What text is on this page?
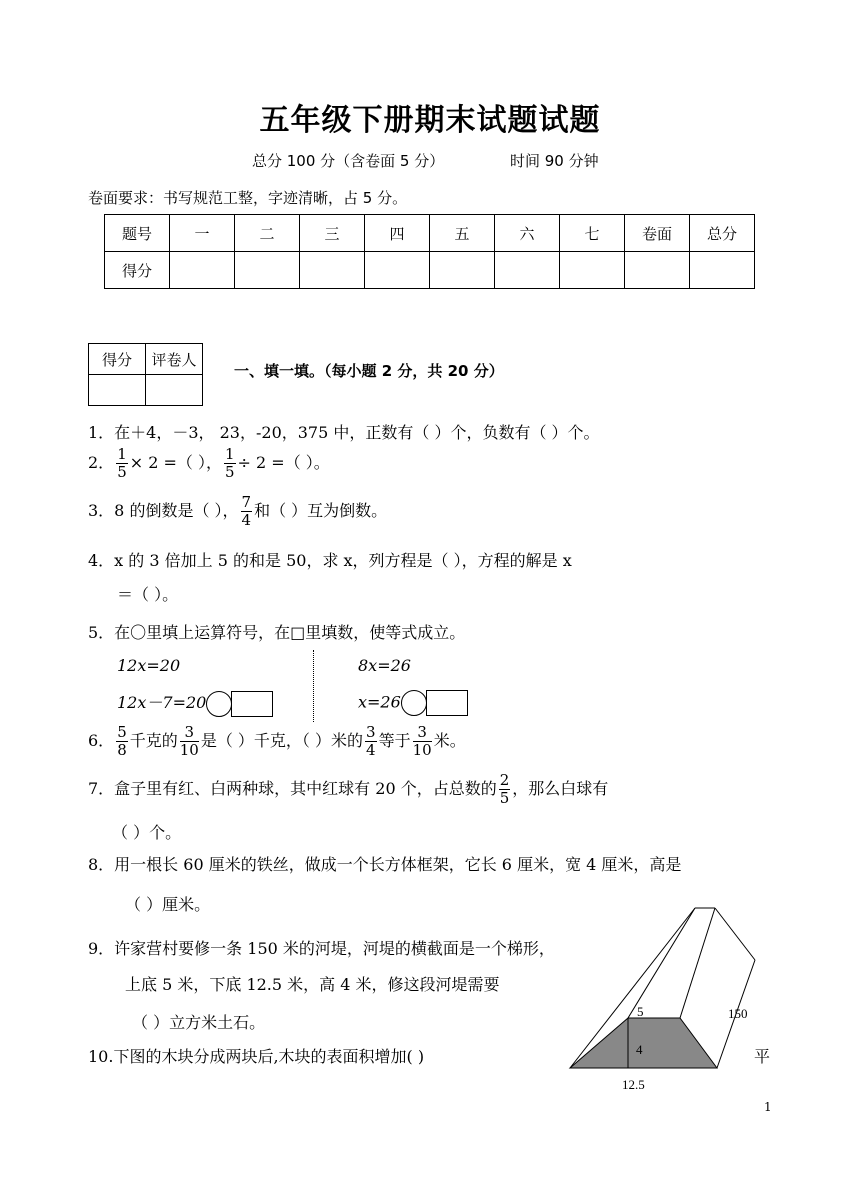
五年级下册期末试题试题
总分 100 分（含卷面 5 分）	时间 90 分钟
卷面要求：书写规范工整，字迹清晰，占 5 分。
题号	一	二	三	四	五	六	七	卷面	总分
得分									
得分	评卷人

一、填一填。（每小题 2 分，共 20 分）
1．在＋4，－3， 23，-20，375 中，正数有（ ）个，负数有（ ）个。
2． $\frac{1}{5} \times 2$ =（ ）， $\frac{1}{5} \div 2$ =（ ）。
3．8 的倒数是（ ）， $\frac{7}{4}$ 和（ ）互为倒数。
4．x 的 3 倍加上 5 的和是 50，求 x，列方程是（ ），方程的解是 x
＝（ ）。
5．在〇里填上运算符号，在□里填数，使等式成立。
12x=20
12x－7=20
8x=26
x=26
6． $\frac{5}{8}$ 千克的 $\frac{3}{10}$ 是（ ）千克，（ ）米的 $\frac{3}{4}$ 等于 $\frac{3}{10}$ 米。
7．盒子里有红、白两种球，其中红球有 20 个，占总数的 $\frac{2}{5}$ ，那么白球有
（ ）个。
8．用一根长 60 厘米的铁丝，做成一个长方体框架，它长 6 厘米，宽 4 厘米，高是
（ ）厘米。
9．许家营村要修一条 150 米的河堤，河堤的横截面是一个梯形，
上底 5 米，下底 12.5 米，高 4 米，修这段河堤需要
（ ）立方米土石。
10.下图的木块分成两块后,木块的表面积增加( )	平
5
4
150
12.5
1
